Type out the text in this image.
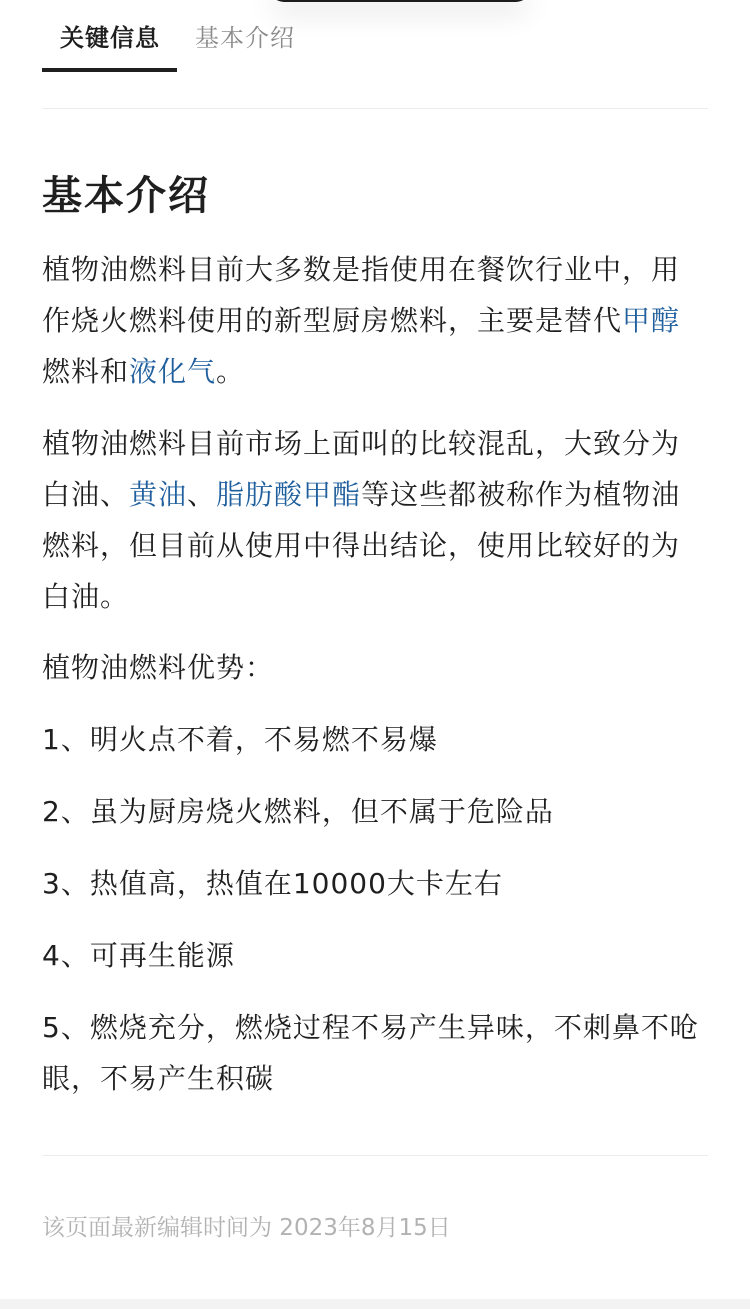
关键信息 基本介绍
基本介绍

植物油燃料目前大多数是指使用在餐饮行业中，用作烧火燃料使用的新型厨房燃料，主要是替代甲醇燃料和液化气。

植物油燃料目前市场上面叫的比较混乱，大致分为白油、黄油、脂肪酸甲酯等这些都被称作为植物油燃料，但目前从使用中得出结论，使用比较好的为白油。

植物油燃料优势：

1、明火点不着，不易燃不易爆

2、虽为厨房烧火燃料，但不属于危险品

3、热值高，热值在10000大卡左右

4、可再生能源

5、燃烧充分，燃烧过程不易产生异味，不刺鼻不呛眼，不易产生积碳

该页面最新编辑时间为 2023年8月15日
